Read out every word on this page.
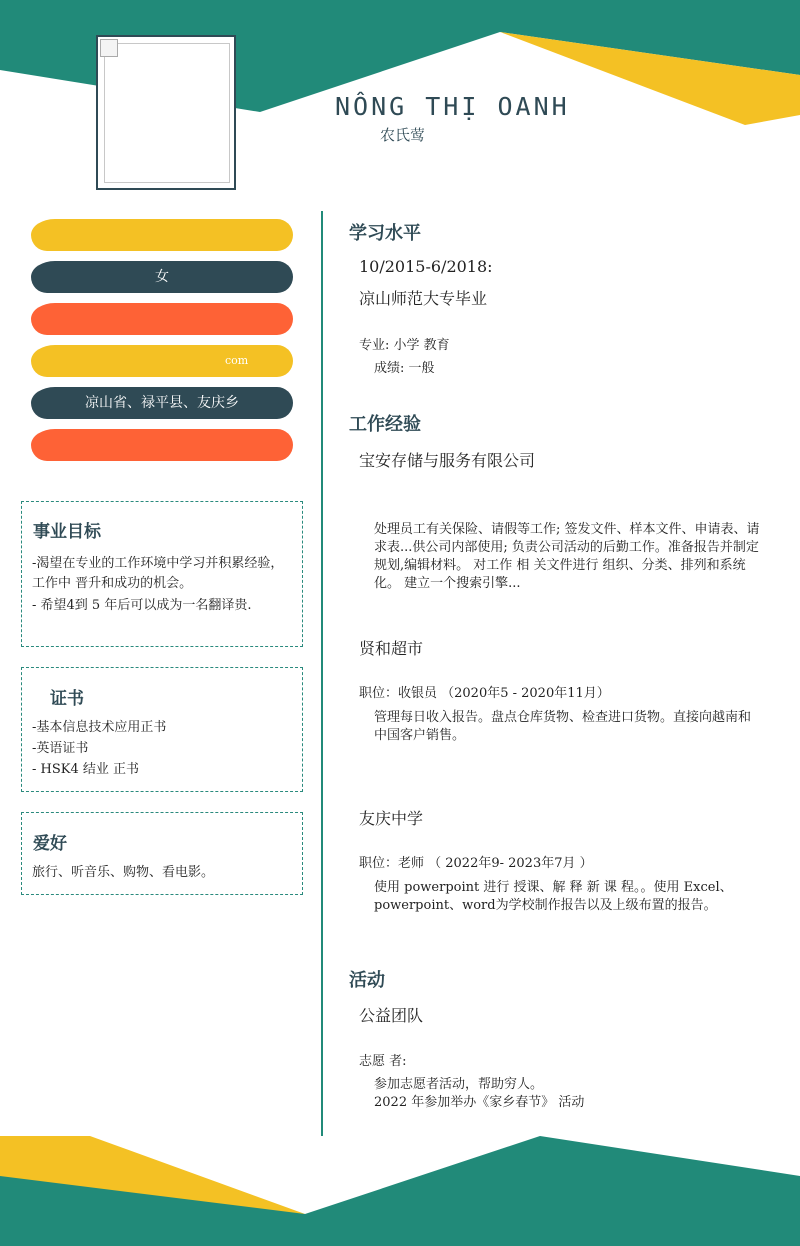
NÔNG THỊ OANH
农氏莺
女
com
凉山省、禄平县、友庆乡
事业目标

-渴望在专业的工作环境中学习并积累经验，工作中 晋升和成功的机会。

- 希望4到 5 年后可以成为一名翻译贵.

证书

-基本信息技术应用正书

-英语证书

- HSK4 结业 正书

爱好

旅行、听音乐、购物、看电影。

学习水平
10/2015-6/2018:
凉山师范大专毕业
专业: 小学 教育
成绩: 一般
工作经验
宝安存储与服务有限公司
处理员工有关保险、请假等工作; 签发文件、样本文件、申请表、请求表...供公司内部使用; 负责公司活动的后勤工作。准备报告并制定 规划,编辑材料。 对工作 相 关文件进行 组织、分类、排列和系统化。 建立一个搜索引擎...
贤和超市
职位：收银员 （2020年5 - 2020年11月）
管理每日收入报告。盘点仓库货物、检查进口货物。直接向越南和中国客户销售。
友庆中学
职位：老师 （ 2022年9- 2023年7月 ）
使用 powerpoint 进行 授课、解 释 新 课 程。。使用 Excel、powerpoint、word为学校制作报告以及上级布置的报告。
活动
公益团队
志愿 者:
参加志愿者活动，帮助穷人。
2022 年参加举办《家乡春节》 活动
